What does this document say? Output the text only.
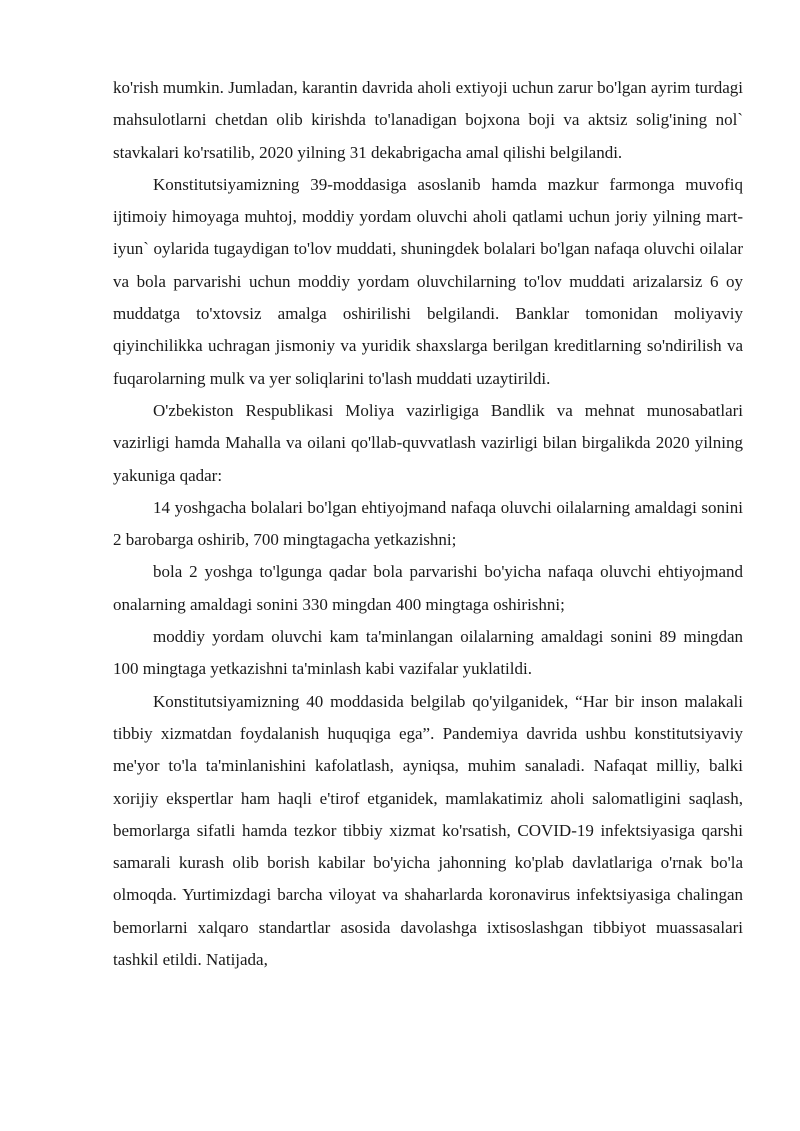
ko'rish mumkin. Jumladan, karantin davrida aholi extiyoji uchun zarur bo'lgan ayrim turdagi mahsulotlarni chetdan olib kirishda to'lanadigan bojxona boji va aktsiz solig'ining nol` stavkalari ko'rsatilib, 2020 yilning 31 dekabrigacha amal qilishi belgilandi.

Konstitutsiyamizning 39-moddasiga asoslanib hamda mazkur farmonga muvofiq ijtimoiy himoyaga muhtoj, moddiy yordam oluvchi aholi qatlami uchun joriy yilning mart-iyun` oylarida tugaydigan to'lov muddati, shuningdek bolalari bo'lgan nafaqa oluvchi oilalar va bola parvarishi uchun moddiy yordam oluvchilarning to'lov muddati arizalarsiz 6 oy muddatga to'xtovsiz amalga oshirilishi belgilandi. Banklar tomonidan moliyaviy qiyinchilikka uchragan jismoniy va yuridik shaxslarga berilgan kreditlarning so'ndirilish va fuqarolarning mulk va yer soliqlarini to'lash muddati uzaytirildi.

O'zbekiston Respublikasi Moliya vazirligiga Bandlik va mehnat munosabatlari vazirligi hamda Mahalla va oilani qo'llab-quvvatlash vazirligi bilan birgalikda 2020 yilning yakuniga qadar:

14 yoshgacha bolalari bo'lgan ehtiyojmand nafaqa oluvchi oilalarning amaldagi sonini 2 barobarga oshirib, 700 mingtagacha yetkazishni;

bola 2 yoshga to'lgunga qadar bola parvarishi bo'yicha nafaqa oluvchi ehtiyojmand onalarning amaldagi sonini 330 mingdan 400 mingtaga oshirishni;

moddiy yordam oluvchi kam ta'minlangan oilalarning amaldagi sonini 89 mingdan 100 mingtaga yetkazishni ta'minlash kabi vazifalar yuklatildi.

Konstitutsiyamizning 40 moddasida belgilab qo'yilganidek, “Har bir inson malakali tibbiy xizmatdan foydalanish huquqiga ega”. Pandemiya davrida ushbu konstitutsiyaviy me'yor to'la ta'minlanishini kafolatlash, ayniqsa, muhim sanaladi. Nafaqat milliy, balki xorijiy ekspertlar ham haqli e'tirof etganidek, mamlakatimiz aholi salomatligini saqlash, bemorlarga sifatli hamda tezkor tibbiy xizmat ko'rsatish, COVID-19 infektsiyasiga qarshi samarali kurash olib borish kabilar bo'yicha jahonning ko'plab davlatlariga o'rnak bo'la olmoqda. Yurtimizdagi barcha viloyat va shaharlarda koronavirus infektsiyasiga chalingan bemorlarni xalqaro standartlar asosida davolashga ixtisoslashgan tibbiyot muassasalari tashkil etildi. Natijada,
